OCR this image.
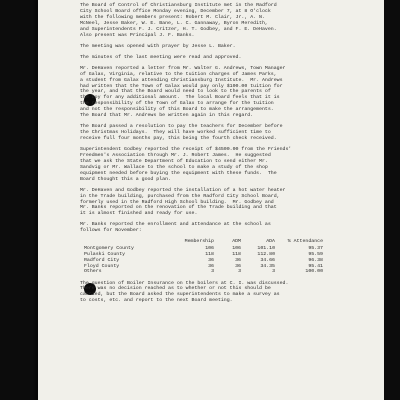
The Board of Control of Christiansburg Institute met in the Radford
City School Board office Monday evening, December 7, at 8 O'clock
with the following members present: Robert M. Clair, Jr., A. N.
McNeel, Jesse Baker, W. E. Bane, L. C. Gannaway, Byron Meredith,
and Superintendents F. J. Critzer, H. T. Godbey, and F. E. DeHaven.
Also present was Principal J. F. Banks.
The meeting was opened with prayer by Jesse L. Baker.
The minutes of the last meeting were read and approved.
Mr. DeHaven reported a letter from Mr. Walter G. Andrews, Town Manager
of Galax, Virginia, relative to the tuition charges of James Parks,
a student from Galax attending Christiansburg Institute.  Mr. Andrews
had written that the Town of Galax would pay only $100.00 tuition for
the year, and that the Board would need to look to the parents of
the boy for any additional amount.  The local Board feels that it is
the responsibility of the Town of Galax to arrange for the tuition
and not the responsibility of this Board to make the arrangements.
The Board that Mr. Andrews be written again in this regard.
The Board passed a resolution to pay the teachers for December before
the Christmas Holidays.  They will have worked sufficient time to
receive full four months pay, this being the fourth check received.
Superintendent Godbey reported the receipt of $4500.00 from the Friends'
Freedmen's Association through Mr. J. Robert James.  He suggested
that we ask the State Department of Education to send either Mr.
Sandvig or Mr. Wallace to the school to make a study of the shop
equipment needed before buying the equipment with these funds.  The
Board thought this a good plan.
Mr. DeHaven and Godbey reported the installation of a hot water heater
in the Trade building, purchased from the Radford City School Board,
formerly used in the Radford High School building.  Mr. Godbey and
Mr. Banks reported on the renovation of the Trade building and that
it is almost finished and ready for use.
Mr. Banks reported the enrollment and attendance at the school as
follows for November:
	Membership	ADM	ADA	% Attendance
Montgomery County	106	106	101.10	95.37
Pulaski County	118	118	112.80	95.59
Radford City	36	36	34.66	96.38
Floyd County	36	36	34.35	95.41
Others	3	3	3	100.00
The question of Boiler Insurance on the boilers at C. I. was discussed.
There was no decision reached as to whether or not this should be
carried, but the Board asked the superintendents to make a survey as
to costs, etc. and report to the next Board meeting.
